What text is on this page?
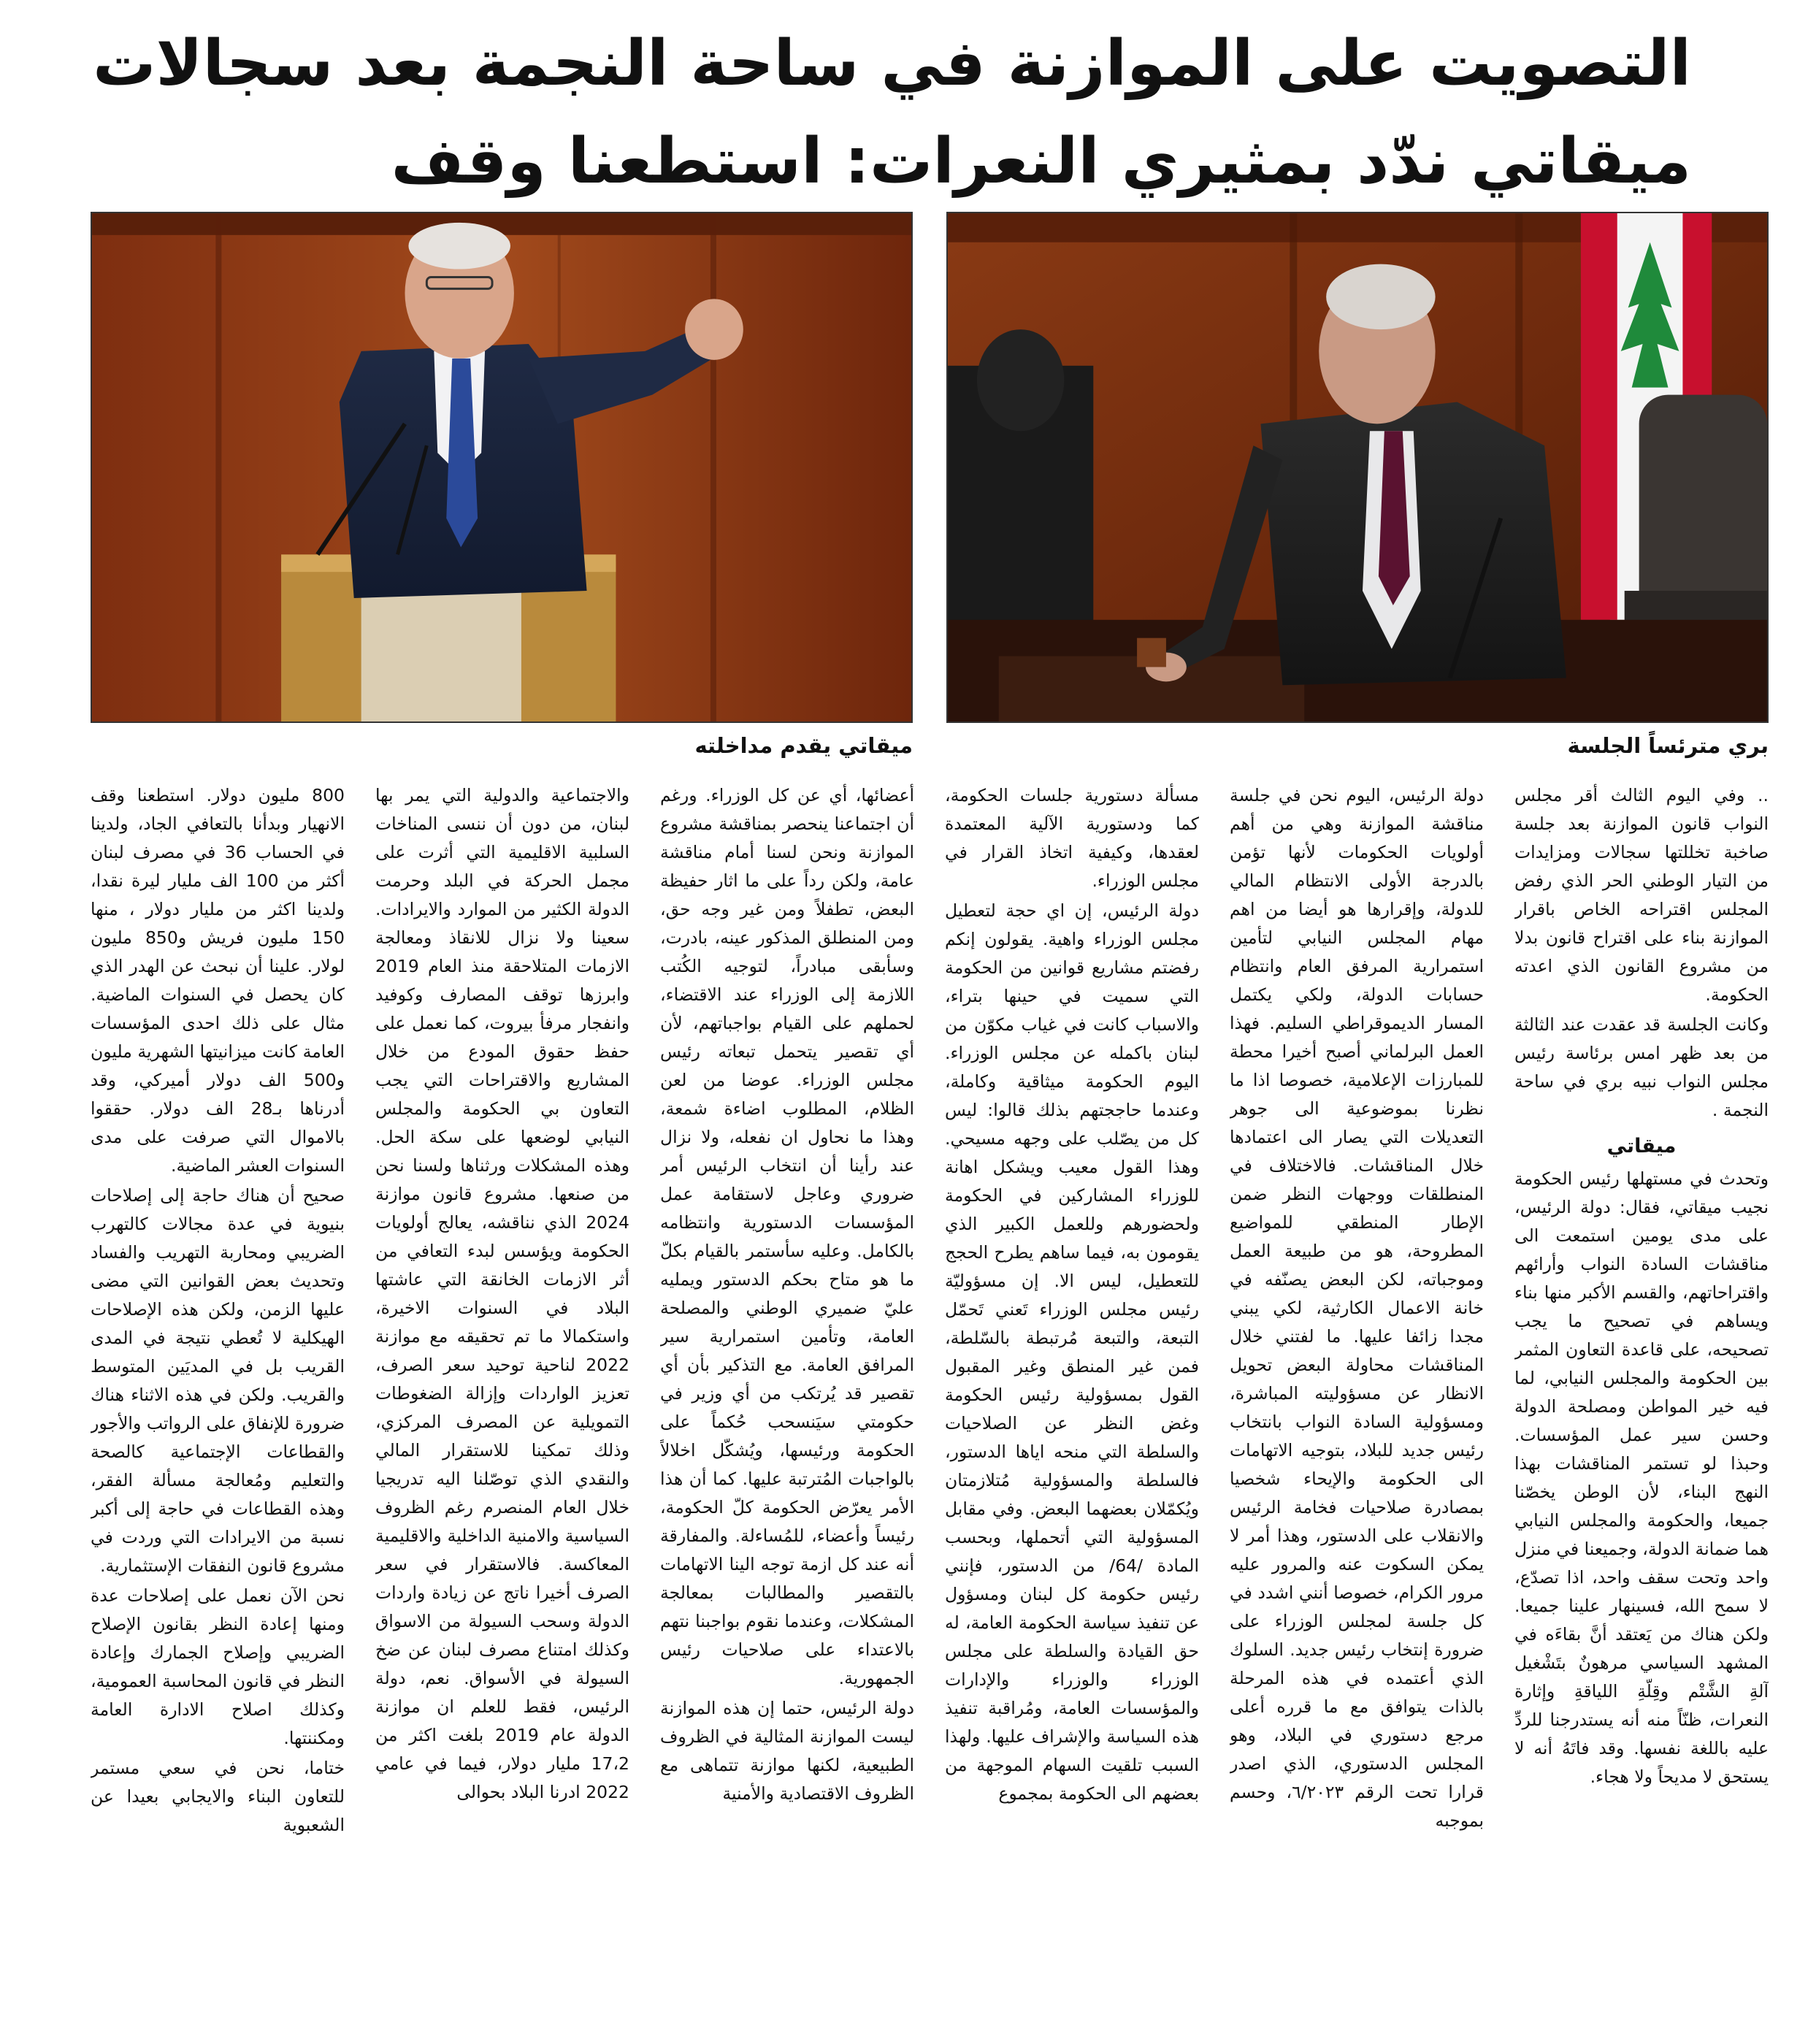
التصويت على الموازنة في ساحة النجمة بعد سجالات
ميقاتي ندّد بمثيري النعرات: استطعنا وقف
بري مترئساً الجلسة
ميقاتي يقدم مداخلته

.. وفي اليوم الثالث أقر مجلس النواب قانون الموازنة بعد جلسة صاخبة تخللتها سجالات ومزايدات من التيار الوطني الحر الذي رفض المجلس اقتراحه الخاص باقرار الموازنة بناء على اقتراح قانون بدلا من مشروع القانون الذي اعدته الحكومة.

وكانت الجلسة قد عقدت عند الثالثة من بعد ظهر امس برئاسة رئيس مجلس النواب نبيه بري في ساحة النجمة .

ميقاتي

وتحدث في مستهلها رئيس الحكومة نجيب ميقاتي، فقال: دولة الرئيس، على مدى يومين استمعت الى مناقشات السادة النواب وأرائهم واقتراحاتهم، والقسم الأكبر منها بناء ويساهم في تصحيح ما يجب تصحيحه، على قاعدة التعاون المثمر بين الحكومة والمجلس النيابي، لما فيه خير المواطن ومصلحة الدولة وحسن سير عمل المؤسسات. وحبذا لو تستمر المناقشات بهذا النهج البناء، لأن الوطن يخصّنا جميعا، والحكومة والمجلس النيابي هما ضمانة الدولة، وجميعنا في منزل واحد وتحت سقف واحد، اذا تصدّع، لا سمح الله، فسينهار علينا جميعا. ولكن هناك من يَعتقد أنَّ بقاءَه في المشهد السياسي مرهونٌ بتَشْغيل آلةِ الشَّتْم وقِلّةِ اللياقةِ وإثارة النعرات، ظنّاً منه أنه يستدرجنا للردِّ عليه باللغة نفسها. وقد فاتَهُ أنه لا يستحق لا مديحاً ولا هجاء.

دولة الرئيس، اليوم نحن في جلسة مناقشة الموازنة وهي من أهم أولويات الحكومات لأنها تؤمن بالدرجة الأولى الانتظام المالي للدولة، وإقرارها هو أيضا من اهم مهام المجلس النيابي لتأمين استمرارية المرفق العام وانتظام حسابات الدولة، ولكي يكتمل المسار الديموقراطي السليم. فهذا العمل البرلماني أصبح أخيرا محطة للمبارزات الإعلامية، خصوصا اذا ما نظرنا بموضوعية الى جوهر التعديلات التي يصار الى اعتمادها خلال المناقشات. فالاختلاف في المنطلقات ووجهات النظر ضمن الإطار المنطقي للمواضيع المطروحة، هو من طبيعة العمل وموجباته، لكن البعض يصنّفه في خانة الاعمال الكارثية، لكي يبني مجدا زائفا عليها. ما لفتني خلال المناقشات محاولة البعض تحويل الانظار عن مسؤوليته المباشرة، ومسؤولية السادة النواب بانتخاب رئيس جديد للبلاد، بتوجيه الاتهامات الى الحكومة والإيحاء شخصيا بمصادرة صلاحيات فخامة الرئيس والانقلاب على الدستور، وهذا أمر لا يمكن السكوت عنه والمرور عليه مرور الكرام، خصوصا أنني اشدد في كل جلسة لمجلس الوزراء على ضرورة إنتخاب رئيس جديد. السلوك الذي أعتمده في هذه المرحلة بالذات يتوافق مع ما قرره أعلى مرجع دستوري في البلاد، وهو المجلس الدستوري، الذي اصدر قرارا تحت الرقم ٦/٢٠٢٣، وحسم بموجبه

مسألة دستورية جلسات الحكومة، كما ودستورية الآلية المعتمدة لعقدها، وكيفية اتخاذ القرار في مجلس الوزراء.

دولة الرئيس، إن اي حجة لتعطيل مجلس الوزراء واهية. يقولون إنكم رفضتم مشاريع قوانين من الحكومة التي سميت في حينها بتراء، والاسباب كانت في غياب مكوّن من لبنان باكمله عن مجلس الوزراء. اليوم الحكومة ميثاقية وكاملة، وعندما حاججتهم بذلك قالوا: ليس كل من يصّلب على وجهه مسيحي. وهذا القول معيب ويشكل اهانة للوزراء المشاركين في الحكومة ولحضورهم وللعمل الكبير الذي يقومون به، فيما ساهم يطرح الحجج للتعطيل، ليس الا. إن مسؤوليّة رئيس مجلس الوزراء تَعني تَحمّل التبعة، والتبعة مُرتبطة بالسّلطة، فمن غير المنطق وغير المقبول القول بمسؤولية رئيس الحكومة وغض النظر عن الصلاحيات والسلطة التي منحه اياها الدستور، فالسلطة والمسؤولية مُتلازمتان ويُكمّلان بعضهما البعض. وفي مقابل المسؤولية التي أتحملها، وبحسب المادة /64/ من الدستور، فإنني رئيس حكومة كل لبنان ومسؤول عن تنفيذ سياسة الحكومة العامة، له حق القيادة والسلطة على مجلس الوزراء والوزراء والإدارات والمؤسسات العامة، ومُراقبة تنفيذ هذه السياسة والإشراف عليها. ولهذا السبب تلقيت السهام الموجهة من بعضهم الى الحكومة بمجموع

أعضائها، أي عن كل الوزراء. ورغم أن اجتماعنا ينحصر بمناقشة مشروع الموازنة ونحن لسنا أمام مناقشة عامة، ولكن رداً على ما اثار حفيظة البعض، تطفلاً ومن غير وجه حق، ومن المنطلق المذكور عينه، بادرت، وسأبقى مبادراً، لتوجيه الكُتب اللازمة إلى الوزراء عند الاقتضاء، لحملهم على القيام بواجباتهم، لأن أي تقصير يتحمل تبعاته رئيس مجلس الوزراء. عوضا من لعن الظلام، المطلوب اضاءة شمعة، وهذا ما نحاول ان نفعله، ولا نزال عند رأينا أن انتخاب الرئيس أمر ضروري وعاجل لاستقامة عمل المؤسسات الدستورية وانتظامه بالكامل. وعليه سأستمر بالقيام بكلّ ما هو متاح بحكم الدستور ويمليه عليّ ضميري الوطني والمصلحة العامة، وتأمين استمرارية سير المرافق العامة. مع التذكير بأن أي تقصير قد يُرتكب من أي وزير في حكومتي سيَنسحب حُكماً على الحكومة ورئيسها، ويُشكّل اخلالاً بالواجبات المُترتبة عليها. كما أن هذا الأمر يعرّض الحكومة كلّ الحكومة، رئيساً وأعضاء، للمُساءلة. والمفارقة أنه عند كل ازمة توجه الينا الاتهامات بالتقصير والمطالبات بمعالجة المشكلات، وعندما نقوم بواجبنا نتهم بالاعتداء على صلاحيات رئيس الجمهورية.

دولة الرئيس، حتما إن هذه الموازنة ليست الموازنة المثالية في الظروف الطبيعية، لكنها موازنة تتماهى مع الظروف الاقتصادية والأمنية

والاجتماعية والدولية التي يمر بها لبنان، من دون أن ننسى المناخات السلبية الاقليمية التي أثرت على مجمل الحركة في البلد وحرمت الدولة الكثير من الموارد والايرادات. سعينا ولا نزال للانقاذ ومعالجة الازمات المتلاحقة منذ العام 2019 وابرزها توقف المصارف وكوفيد وانفجار مرفأ بيروت، كما نعمل على حفظ حقوق المودع من خلال المشاريع والاقتراحات التي يجب التعاون بي الحكومة والمجلس النيابي لوضعها على سكة الحل. وهذه المشكلات ورثناها ولسنا نحن من صنعها. مشروع قانون موازنة 2024 الذي نناقشه، يعالج أولويات الحكومة ويؤسس لبدء التعافي من أثر الازمات الخانقة التي عاشتها البلاد في السنوات الاخيرة، واستكمالا ما تم تحقيقه مع موازنة 2022 لناحية توحيد سعر الصرف، تعزيز الواردات وإزالة الضغوطات التمويلية عن المصرف المركزي، وذلك تمكينا للاستقرار المالي والنقدي الذي توصّلنا اليه تدريجيا خلال العام المنصرم رغم الظروف السياسية والامنية الداخلية والاقليمية المعاكسة. فالاستقرار في سعر الصرف أخيرا ناتج عن زيادة واردات الدولة وسحب السيولة من الاسواق وكذلك امتناع مصرف لبنان عن ضخ السيولة في الأسواق. نعم، دولة الرئيس، فقط للعلم ان موازنة الدولة عام 2019 بلغت اكثر من 17،2 مليار دولار، فيما في عامي 2022 ادرنا البلاد بحوالى

800 مليون دولار. استطعنا وقف الانهيار وبدأنا بالتعافي الجاد، ولدينا في الحساب 36 في مصرف لبنان أكثر من 100 الف مليار ليرة نقدا، ولدينا اكثر من مليار دولار ، منها 150 مليون فريش و850 مليون لولار. علينا أن نبحث عن الهدر الذي كان يحصل في السنوات الماضية. مثال على ذلك احدى المؤسسات العامة كانت ميزانيتها الشهرية مليون و500 الف دولار أميركي، وقد أدرناها بـ28 الف دولار. حققوا بالاموال التي صرفت على مدى السنوات العشر الماضية.

صحيح أن هناك حاجة إلى إصلاحات بنيوية في عدة مجالات كالتهرب الضريبي ومحاربة التهريب والفساد وتحديث بعض القوانين التي مضى عليها الزمن، ولكن هذه الإصلاحات الهيكلية لا تُعطي نتيجة في المدى القريب بل في المديَين المتوسط والقريب. ولكن في هذه الاثناء هناك ضرورة للإنفاق على الرواتب والأجور والقطاعات الإجتماعية كالصحة والتعليم ومُعالجة مسألة الفقر، وهذه القطاعات في حاجة إلى أكبر نسبة من الايرادات التي وردت في مشروع قانون النفقات الإستثمارية.

نحن الآن نعمل على إصلاحات عدة ومنها إعادة النظر بقانون الإصلاح الضريبي وإصلاح الجمارك وإعادة النظر في قانون المحاسبة العمومية، وكذلك اصلاح الادارة العامة ومكننتها.

ختاما، نحن في سعي مستمر للتعاون البناء والايجابي بعيدا عن الشعبوية
